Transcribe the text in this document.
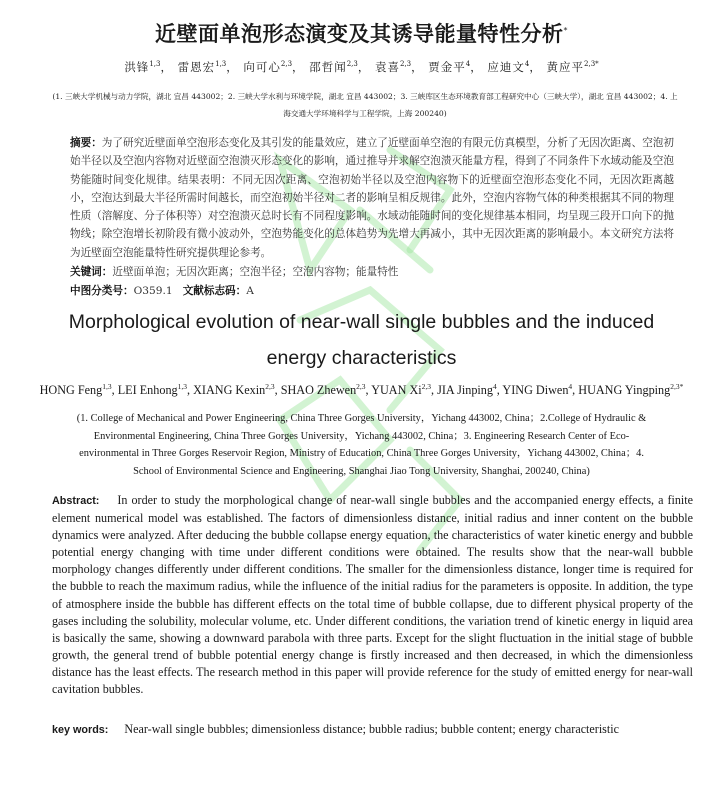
近壁面单泡形态演变及其诱导能量特性分析*
洪锋$^{1,3}$， 雷恩宏$^{1,3}$， 向可心$^{2,3}$， 邵哲闻$^{2,3}$， 袁喜$^{2,3}$， 贾金平$^4$， 应迪文$^4$， 黄应平$^{2,3*}$
(1. 三峡大学机械与动力学院，湖北 宜昌 443002；2. 三峡大学水利与环境学院，湖北 宜昌 443002；3. 三峡库区生态环境教育部工程研究中心（三峡大学），湖北 宜昌 443002；4. 上海交通大学环境科学与工程学院，上海 200240)
摘要：为了研究近壁面单空泡形态变化及其引发的能量效应，建立了近壁面单空泡的有限元仿真模型，分析了无因次距离、空泡初始半径以及空泡内容物对近壁面空泡溃灭形态变化的影响，通过推导并求解空泡溃灭能量方程，得到了不同条件下水域动能及空泡势能随时间变化规律。结果表明：不同无因次距离、空泡初始半径以及空泡内容物下的近壁面空泡形态变化不同，无因次距离越小，空泡达到最大半径所需时间越长，而空泡初始半径对二者的影响呈相反规律。此外，空泡内容物气体的种类根据其不同的物理性质（溶解度、分子体积等）对空泡溃灭总时长有不同程度影响。水域动能随时间的变化规律基本相同，均呈现三段开口向下的抛物线；除空泡增长初阶段有微小波动外，空泡势能变化的总体趋势为先增大再减小，其中无因次距离的影响最小。本文研究方法将为近壁面空泡能量特性研究提供理论参考。
关键词：近壁面单泡；无因次距离；空泡半径；空泡内容物；能量特性
中图分类号：O359.1 文献标志码：A
Morphological evolution of near-wall single bubbles and the induced energy characteristics
HONG Feng$^{1,3}$, LEI Enhong$^{1,3}$, XIANG Kexin$^{2,3}$, SHAO Zhewen$^{2,3}$, YUAN Xi$^{2,3}$, JIA Jinping$^4$, YING Diwen$^4$, HUANG Yingping$^{2,3*}$
(1. College of Mechanical and Power Engineering, China Three Gorges University，Yichang 443002, China；2.College of Hydraulic & Environmental Engineering, China Three Gorges University，Yichang 443002, China；3. Engineering Research Center of Eco-environmental in Three Gorges Reservoir Region, Ministry of Education, China Three Gorges University，Yichang 443002, China；4. School of Environmental Science and Engineering, Shanghai Jiao Tong University, Shanghai, 200240, China)
Abstract: In order to study the morphological change of near-wall single bubbles and the accompanied energy effects, a finite element numerical model was established. The factors of dimensionless distance, initial radius and inner content on the bubble dynamics were analyzed. After deducing the bubble collapse energy equation, the characteristics of water kinetic energy and bubble potential energy changing with time under different conditions were obtained. The results show that the near-wall bubble morphology changes differently under different conditions. The smaller for the dimensionless distance, longer time is required for the bubble to reach the maximum radius, while the influence of the initial radius for the parameters is opposite. In addition, the type of atmosphere inside the bubble has different effects on the total time of bubble collapse, due to different physical property of the gases including the solubility, molecular volume, etc. Under different conditions, the variation trend of kinetic energy in liquid area is basically the same, showing a downward parabola with three parts. Except for the slight fluctuation in the initial stage of bubble growth, the general trend of bubble potential energy change is firstly increased and then decreased, in which the dimensionless distance has the least effects. The research method in this paper will provide reference for the study of emitted energy for near-wall cavitation bubbles.
key words: Near-wall single bubbles; dimensionless distance; bubble radius; bubble content; energy characteristic
